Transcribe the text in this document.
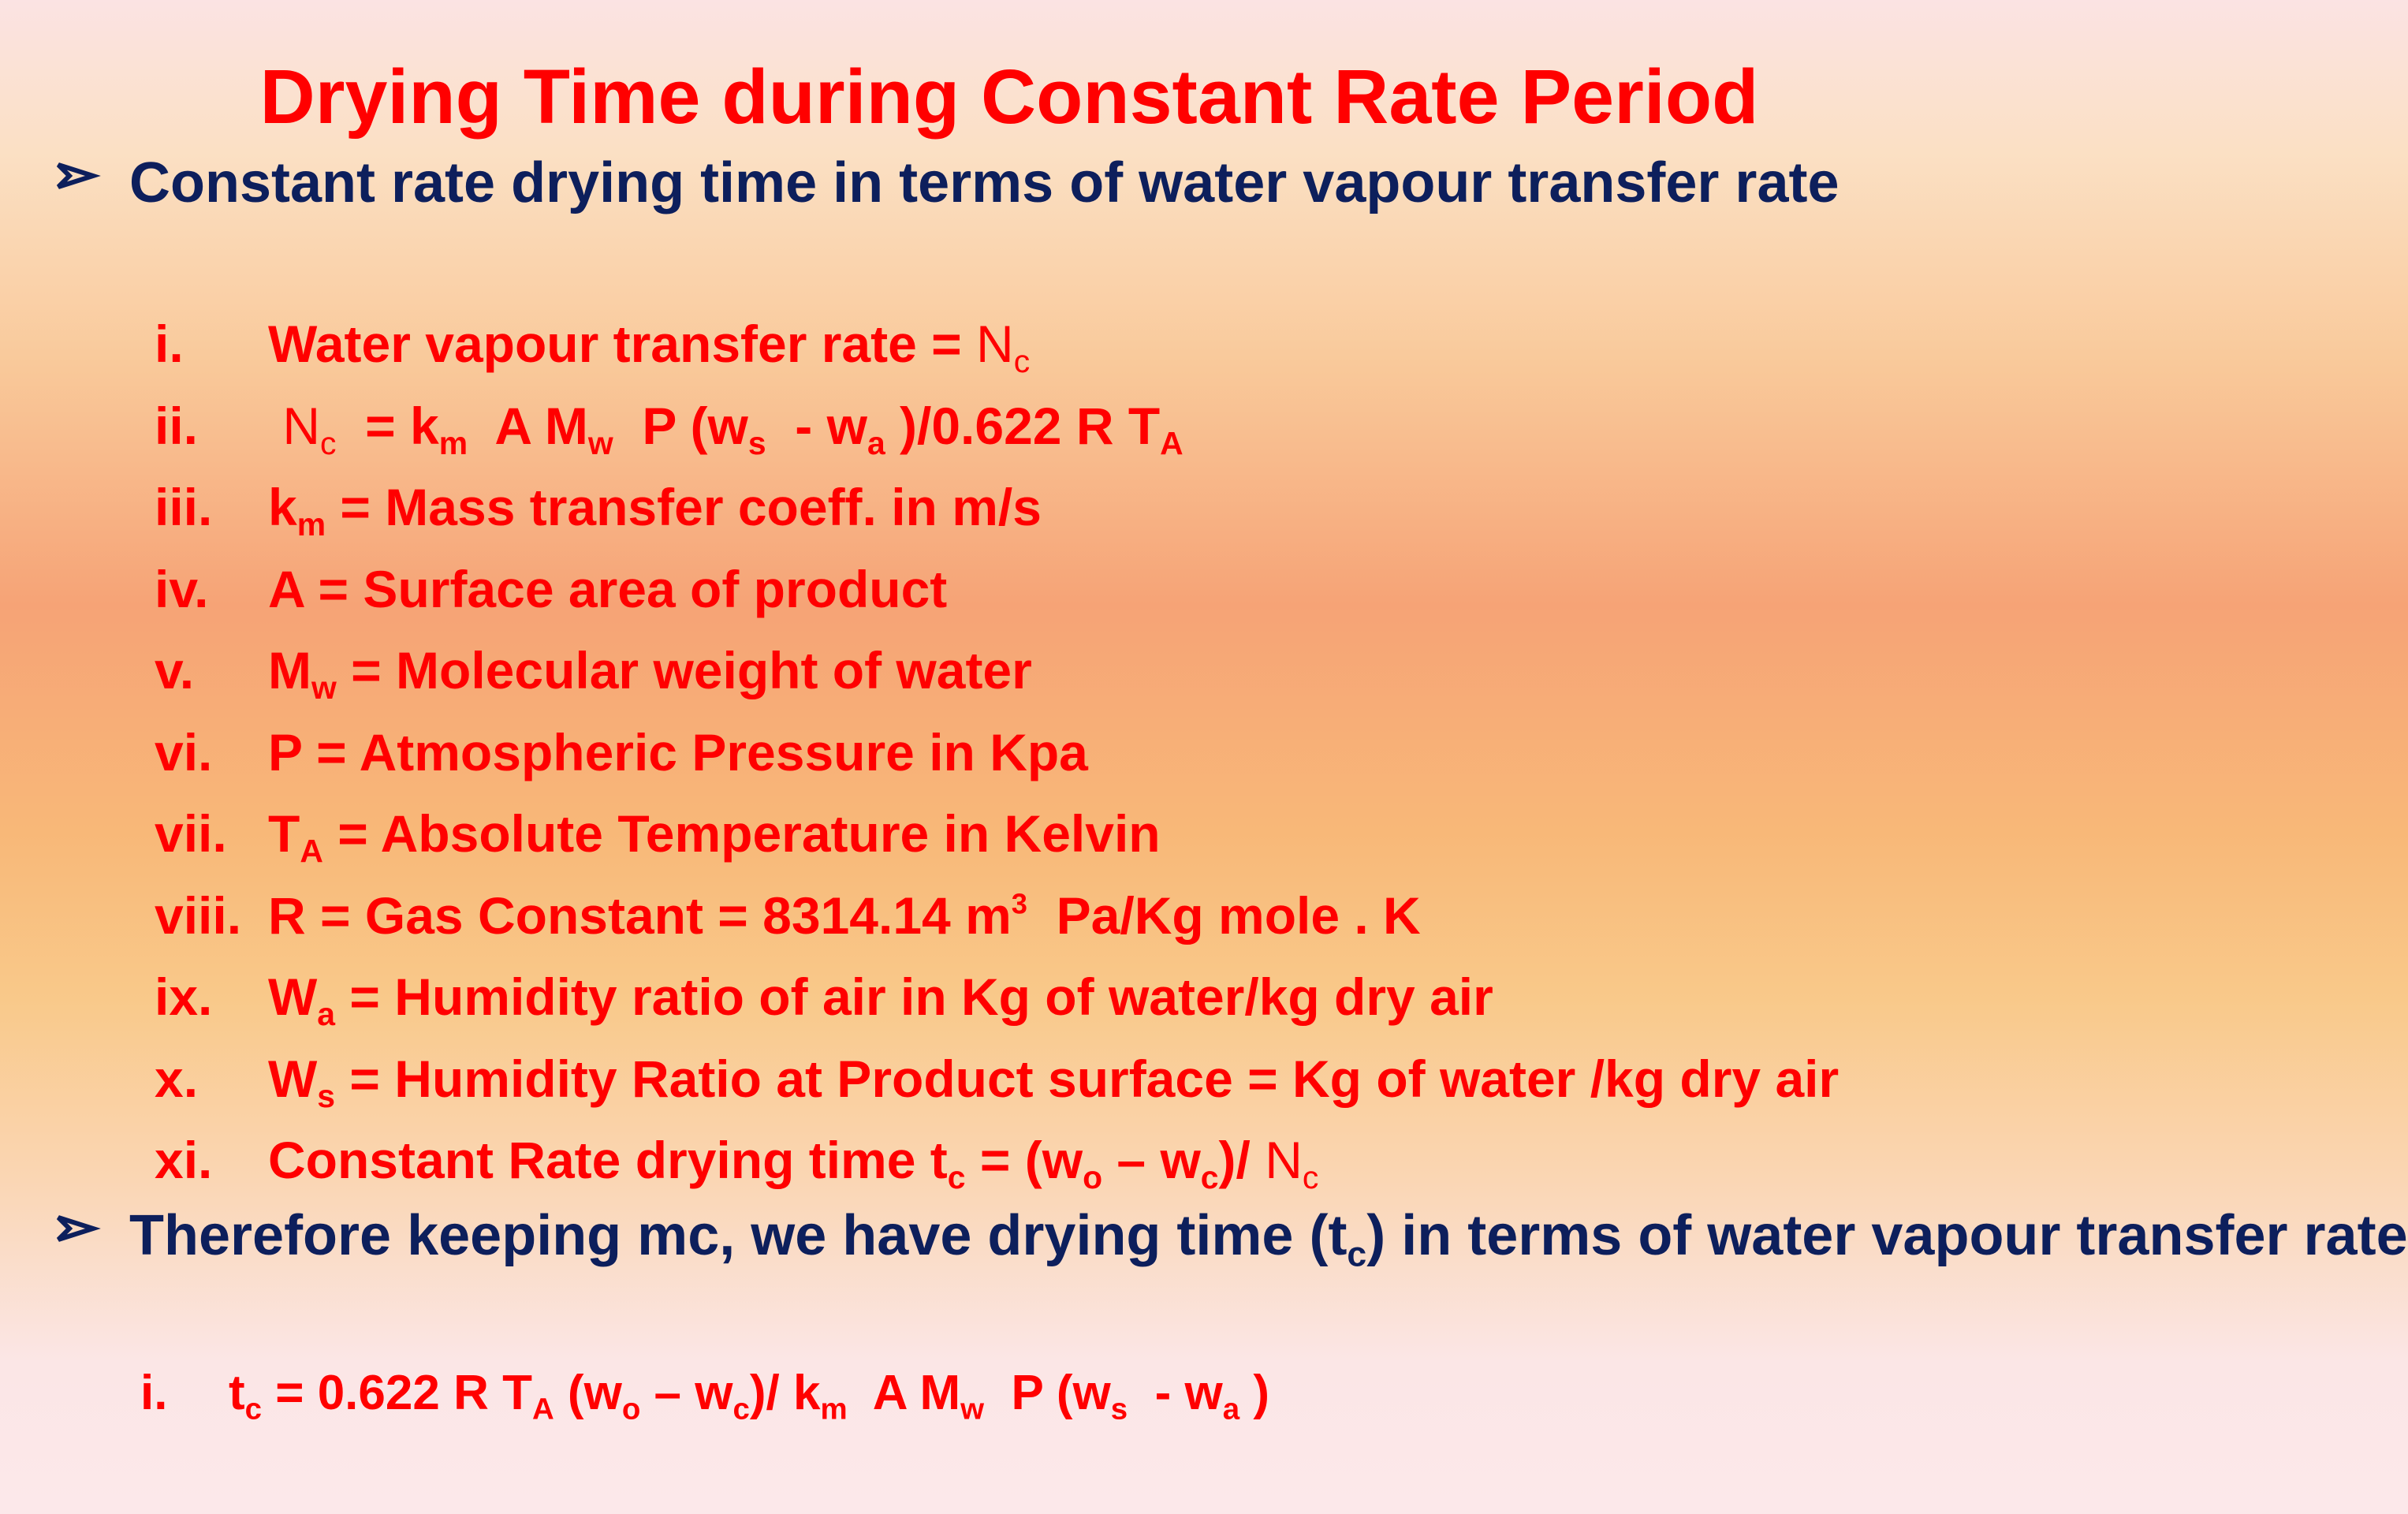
Drying Time during Constant Rate Period
Constant rate drying time in terms of water vapour transfer rate
i. Water vapour transfer rate = $N_c$
ii. $N_c = k_m$  A $M_w$  P ($w_s - w_a$ )/0.622 R $T_A$
iii. $k_m$ = Mass transfer coeff. in m/s
iv. A = Surface area of product
v. $M_w$ = Molecular weight of water
vi. P = Atmospheric Pressure in Kpa
vii. $T_A$ = Absolute Temperature in Kelvin
viii. R = Gas Constant = 8314.14 $m^3$  Pa/Kg mole . K
ix. $W_a$ = Humidity ratio of air in Kg of water/kg dry air
x. $W_s$ = Humidity Ratio at Product surface = Kg of water /kg dry air
xi. Constant Rate drying time $t_c = (w_o - w_c)/$ $N_c$
Therefore keeping mc, we have drying time $(t_c)$ in terms of water vapour transfer rate
i. $t_c = 0.622$ R $T_A$ $(w_o - w_c)/$ $k_m$  A $M_w$  P ($w_s - w_a$ )
